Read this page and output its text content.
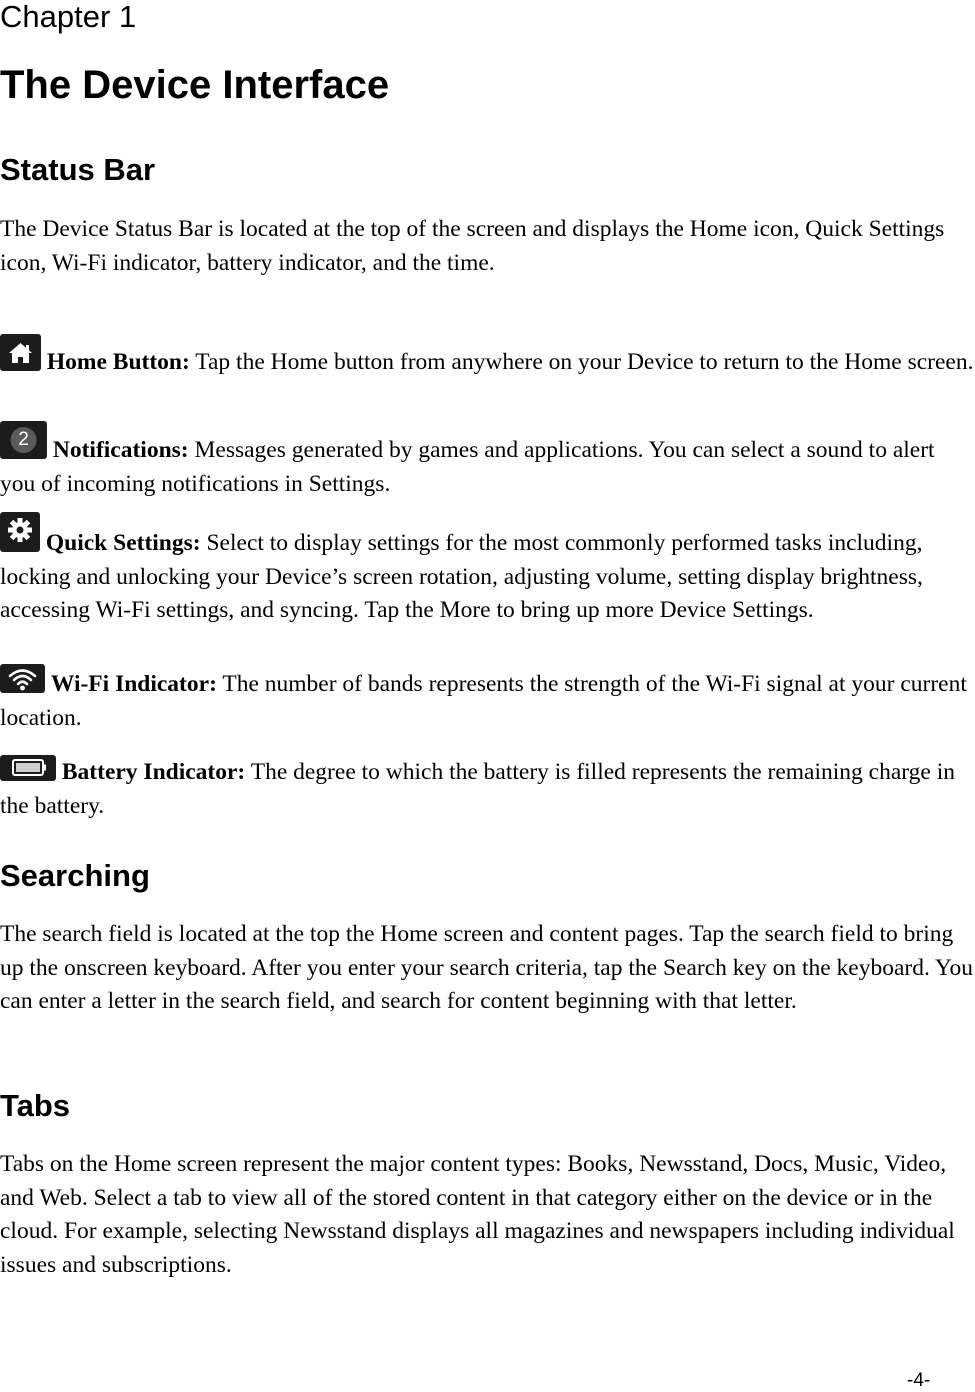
Chapter 1
The Device Interface
Status Bar

The Device Status Bar is located at the top of the screen and displays the Home icon, Quick Settings icon, Wi-Fi indicator, battery indicator, and the time.

Home Button: Tap the Home button from anywhere on your Device to return to the Home screen.

2	Notifications: Messages generated by games and applications. You can select a sound to alert you of incoming notifications in Settings.

Quick Settings: Select to display settings for the most commonly performed tasks including, locking and unlocking your Device’s screen rotation, adjusting volume, setting display brightness, accessing Wi-Fi settings, and syncing. Tap the More to bring up more Device Settings.

Wi-Fi Indicator: The number of bands represents the strength of the Wi-Fi signal at your current location.

Battery Indicator: The degree to which the battery is filled represents the remaining charge in the battery.

Searching

The search field is located at the top the Home screen and content pages. Tap the search field to bring up the onscreen keyboard. After you enter your search criteria, tap the Search key on the keyboard. You can enter a letter in the search field, and search for content beginning with that letter.

Tabs

Tabs on the Home screen represent the major content types: Books, Newsstand, Docs, Music, Video, and Web. Select a tab to view all of the stored content in that category either on the device or in the cloud. For example, selecting Newsstand displays all magazines and newspapers including individual issues and subscriptions.

-4-
